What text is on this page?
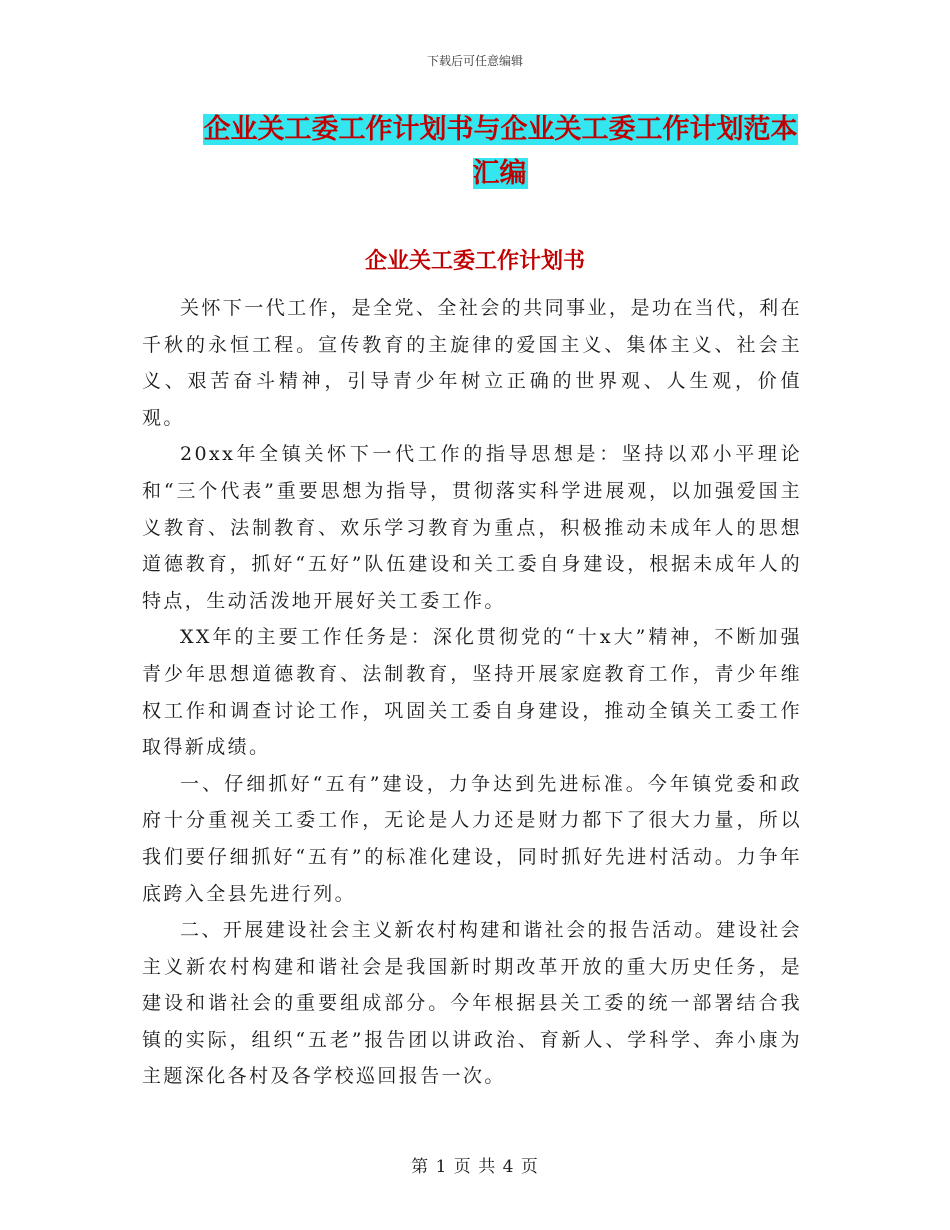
下载后可任意编辑
企业关工委工作计划书与企业关工委工作计划范本汇编
企业关工委工作计划书

关怀下一代工作，是全党、全社会的共同事业，是功在当代，利在千秋的永恒工程。宣传教育的主旋律的爱国主义、集体主义、社会主义、艰苦奋斗精神，引导青少年树立正确的世界观、人生观，价值观。

20xx年全镇关怀下一代工作的指导思想是：坚持以邓小平理论和“三个代表”重要思想为指导，贯彻落实科学进展观，以加强爱国主义教育、法制教育、欢乐学习教育为重点，积极推动未成年人的思想道德教育，抓好“五好”队伍建设和关工委自身建设，根据未成年人的特点，生动活泼地开展好关工委工作。

XX年的主要工作任务是：深化贯彻党的“十x大”精神，不断加强青少年思想道德教育、法制教育，坚持开展家庭教育工作，青少年维权工作和调查讨论工作，巩固关工委自身建设，推动全镇关工委工作取得新成绩。

一、仔细抓好“五有”建设，力争达到先进标准。今年镇党委和政府十分重视关工委工作，无论是人力还是财力都下了很大力量，所以我们要仔细抓好“五有”的标准化建设，同时抓好先进村活动。力争年底跨入全县先进行列。

二、开展建设社会主义新农村构建和谐社会的报告活动。建设社会主义新农村构建和谐社会是我国新时期改革开放的重大历史任务，是建设和谐社会的重要组成部分。今年根据县关工委的统一部署结合我镇的实际，组织“五老”报告团以讲政治、育新人、学科学、奔小康为主题深化各村及各学校巡回报告一次。

第 1 页 共 4 页
